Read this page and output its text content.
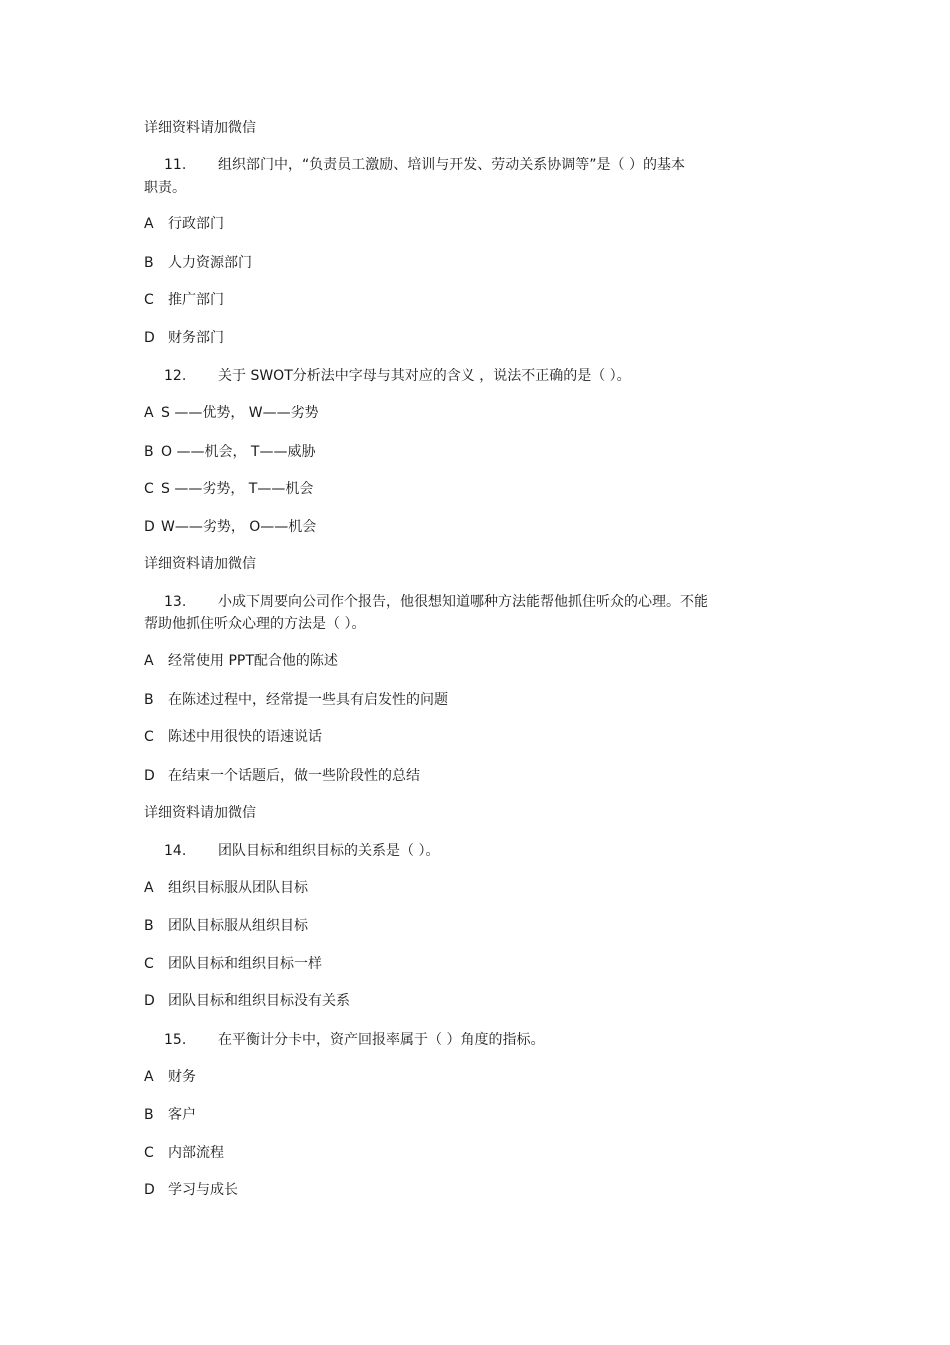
详细资料请加微信
11. 组织部门中，“负责员工激励、培训与开发、劳动关系协调等”是（ ）的基本
职责。
A 行政部门
B 人力资源部门
C 推广部门
D 财务部门
12. 关于 SWOT分析法中字母与其对应的含义 ，说法不正确的是（ ）。
A S ——优势， W——劣势
B O ——机会， T——威胁
C S ——劣势， T——机会
D W——劣势， O——机会
详细资料请加微信
13. 小成下周要向公司作个报告，他很想知道哪种方法能帮他抓住听众的心理。不能
帮助他抓住听众心理的方法是（ ）。
A 经常使用 PPT配合他的陈述
B 在陈述过程中，经常提一些具有启发性的问题
C 陈述中用很快的语速说话
D 在结束一个话题后，做一些阶段性的总结
详细资料请加微信
14. 团队目标和组织目标的关系是（ ）。
A 组织目标服从团队目标
B 团队目标服从组织目标
C 团队目标和组织目标一样
D 团队目标和组织目标没有关系
15. 在平衡计分卡中，资产回报率属于（ ）角度的指标。
A 财务
B 客户
C 内部流程
D 学习与成长
